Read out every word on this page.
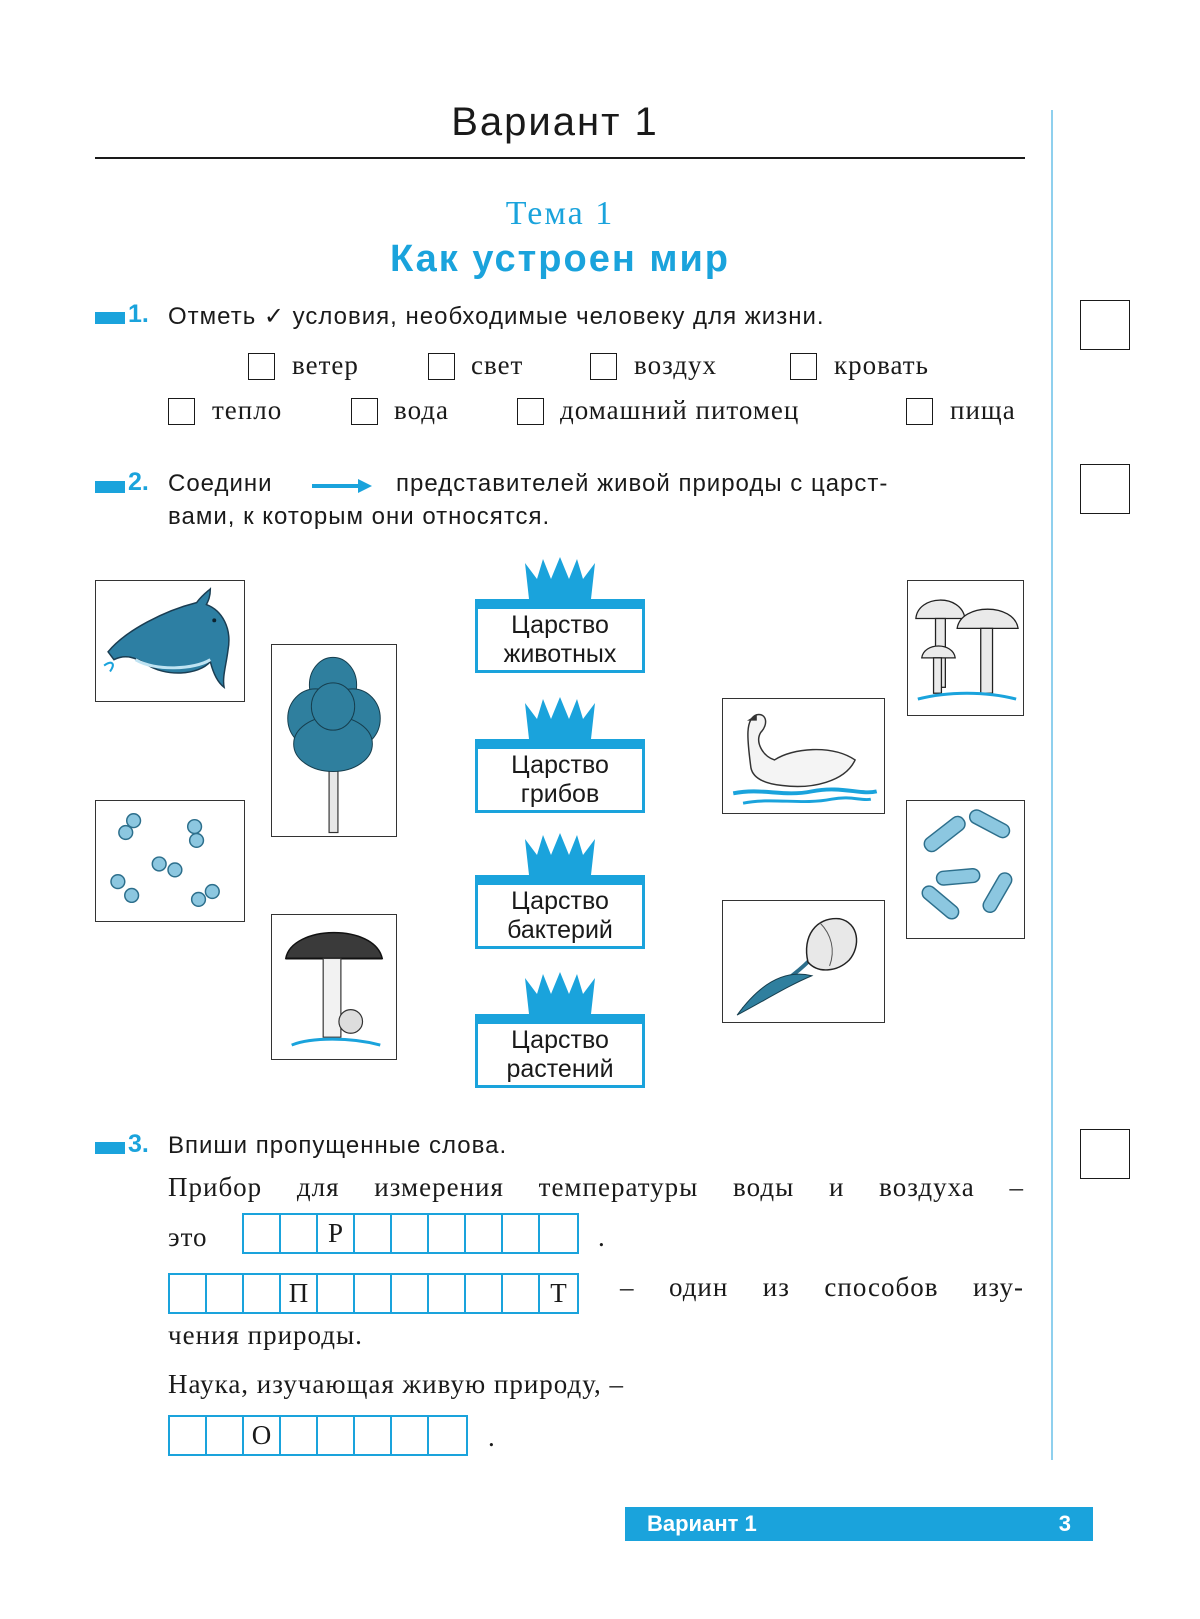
Вариант 1
Тема 1
Как устроен мир
1. Отметь ✓ условия, необходимые человеку для жизни.
ветер	свет	воздух	кровать
тепло	вода	домашний питомец	пища
2. Соедини	представителей живой природы с царст-
вами, к которым они относятся.
Царство животных
Царство грибов
Царство бактерий
Царство растений
3. Впиши пропущенные слова.
Прибор для измерения температуры воды и воздуха –
это	Р	.
П	Т	– один из способов изу-
чения природы.
Наука, изучающая живую природу, –
О	.
Вариант 1	3
